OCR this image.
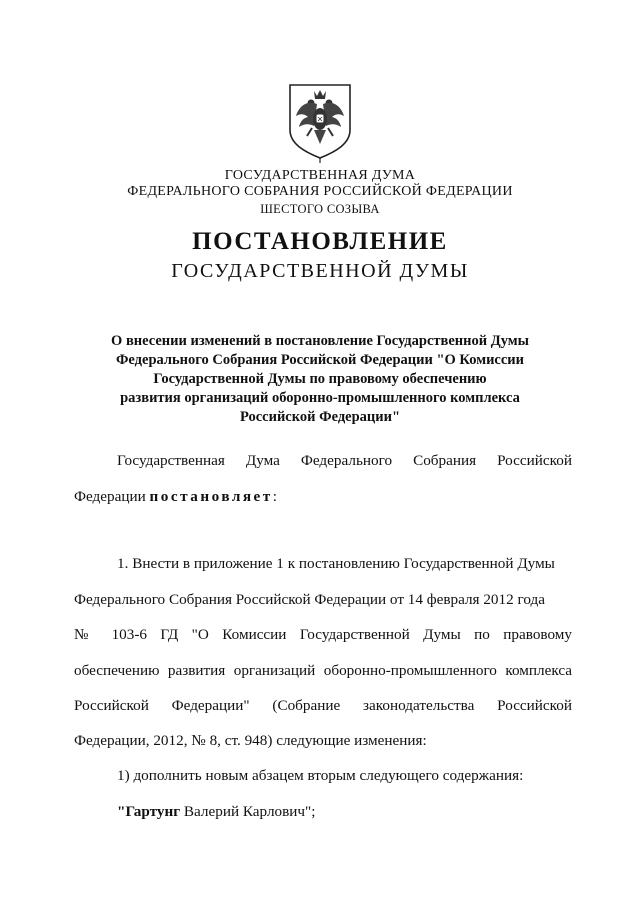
ГОСУДАРСТВЕННАЯ ДУМА
ФЕДЕРАЛЬНОГО СОБРАНИЯ РОССИЙСКОЙ ФЕДЕРАЦИИ
ШЕСТОГО СОЗЫВА
ПОСТАНОВЛЕНИЕ
ГОСУДАРСТВЕННОЙ ДУМЫ
О внесении изменений в постановление Государственной Думы
Федерального Собрания Российской Федерации "О Комиссии
Государственной Думы по правовому обеспечению
развития организаций оборонно-промышленного комплекса
Российской Федерации"
Государственная Дума Федерального Собрания Российской
Федерации постановляет:
1. Внести в приложение 1 к постановлению Государственной Думы
Федерального Собрания Российской Федерации от 14 февраля 2012 года
№ 103-6 ГД "О Комиссии Государственной Думы по правовому
обеспечению развития организаций оборонно-промышленного комплекса
Российской Федерации" (Собрание законодательства Российской
Федерации, 2012, № 8, ст. 948) следующие изменения:
1) дополнить новым абзацем вторым следующего содержания:
"Гартунг Валерий Карлович";
